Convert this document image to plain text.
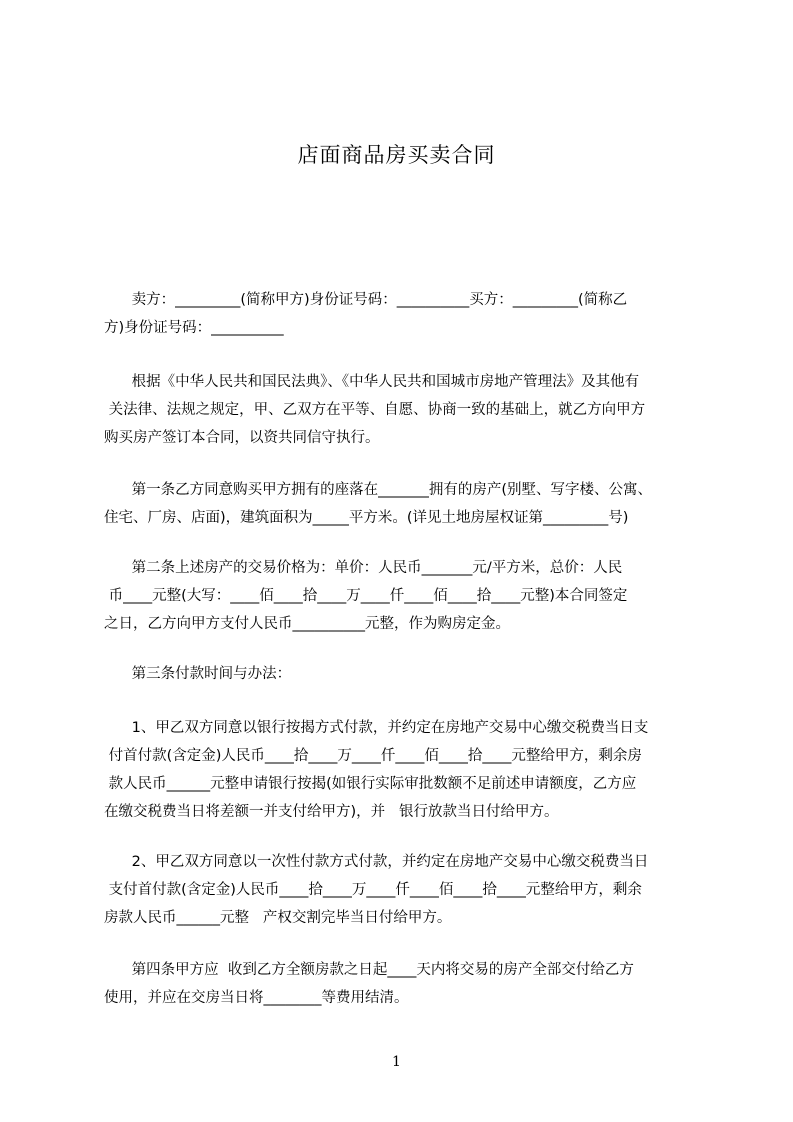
店面商品房买卖合同
卖方：_________(简称甲方)身份证号码：__________买方：_________(简称乙
方)身份证号码：__________
根据《中华人民共和国民法典》、《中华人民共和国城市房地产管理法》及其他有
关法律、法规之规定，甲、乙双方在平等、自愿、协商一致的基础上，就乙方向甲方
购买房产签订本合同，以资共同信守执行。
第一条乙方同意购买甲方拥有的座落在_______拥有的房产(别墅、写字楼、公寓、
住宅、厂房、店面)，建筑面积为_____平方米。(详见土地房屋权证第_________号)
第二条上述房产的交易价格为：单价：人民币_______元/平方米，总价：人民
币____元整(大写：____佰____拾____万____仟____佰____拾____元整)本合同签定
之日，乙方向甲方支付人民币__________元整，作为购房定金。
第三条付款时间与办法：
1、甲乙双方同意以银行按揭方式付款，并约定在房地产交易中心缴交税费当日支
付首付款(含定金)人民币____拾____万____仟____佰____拾____元整给甲方，剩余房
款人民币______元整申请银行按揭(如银行实际审批数额不足前述申请额度，乙方应
在缴交税费当日将差额一并支付给甲方)，并   银行放款当日付给甲方。
2、甲乙双方同意以一次性付款方式付款，并约定在房地产交易中心缴交税费当日
支付首付款(含定金)人民币____拾____万____仟____佰____拾____元整给甲方，剩余
房款人民币______元整   产权交割完毕当日付给甲方。
第四条甲方应  收到乙方全额房款之日起____天内将交易的房产全部交付给乙方
使用，并应在交房当日将________等费用结清。
1
